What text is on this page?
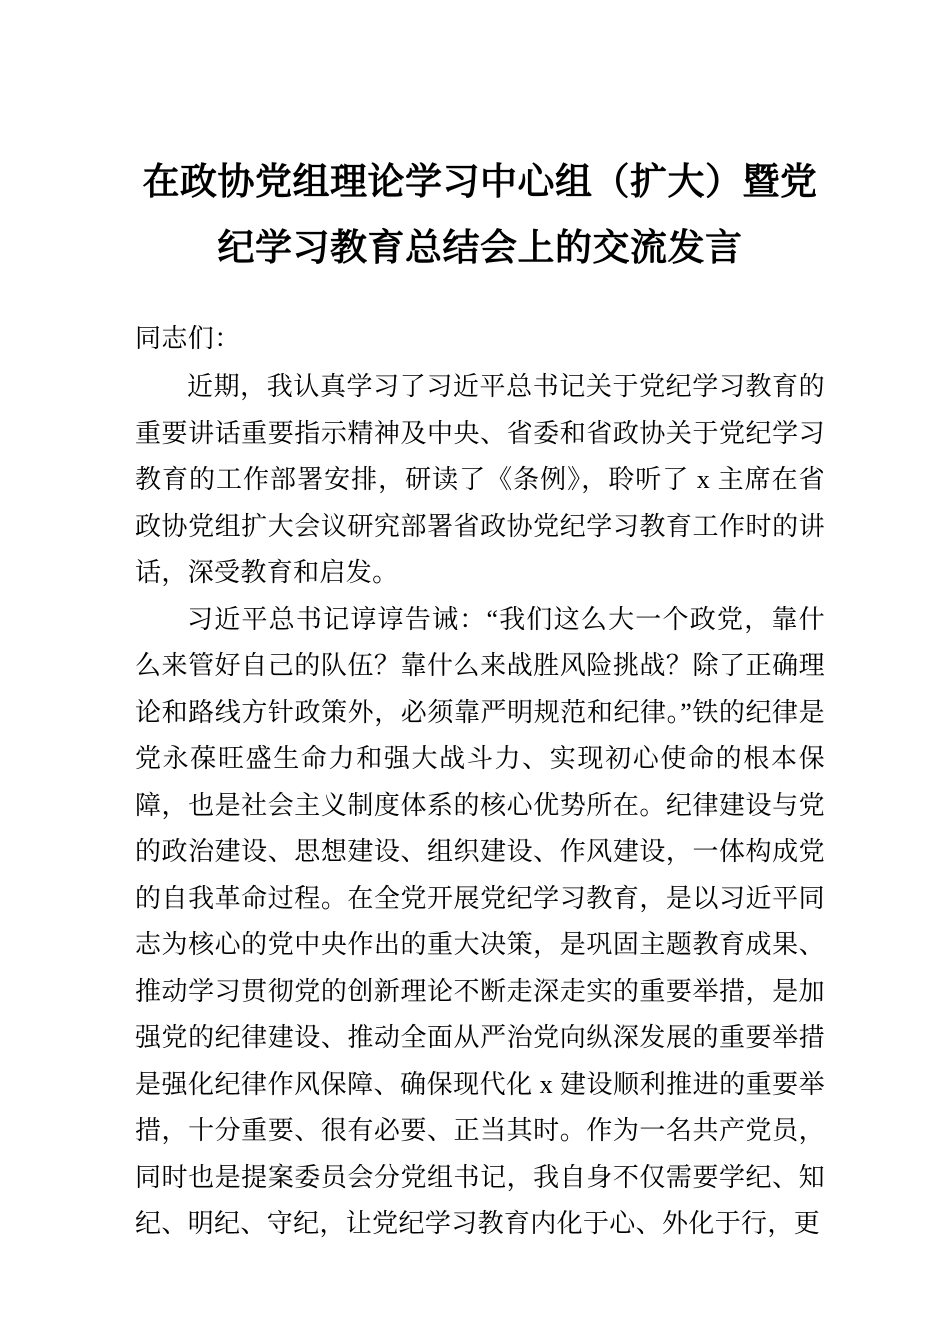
在政协党组理论学习中心组（扩大）暨党纪学习教育总结会上的交流发言

同志们：

近期，我认真学习了习近平总书记关于党纪学习教育的重要讲话重要指示精神及中央、省委和省政协关于党纪学习教育的工作部署安排，研读了《条例》，聆听了 x 主席在省政协党组扩大会议研究部署省政协党纪学习教育工作时的讲话，深受教育和启发。

习近平总书记谆谆告诫：“我们这么大一个政党，靠什么来管好自己的队伍？靠什么来战胜风险挑战？除了正确理论和路线方针政策外，必须靠严明规范和纪律。”铁的纪律是党永葆旺盛生命力和强大战斗力、实现初心使命的根本保障，也是社会主义制度体系的核心优势所在。纪律建设与党的政治建设、思想建设、组织建设、作风建设，一体构成党的自我革命过程。在全党开展党纪学习教育，是以习近平同志为核心的党中央作出的重大决策，是巩固主题教育成果、推动学习贯彻党的创新理论不断走深走实的重要举措，是加强党的纪律建设、推动全面从严治党向纵深发展的重要举措是强化纪律作风保障、确保现代化 x 建设顺利推进的重要举措，十分重要、很有必要、正当其时。作为一名共产党员，同时也是提案委员会分党组书记，我自身不仅需要学纪、知纪、明纪、守纪，让党纪学习教育内化于心、外化于行，更
